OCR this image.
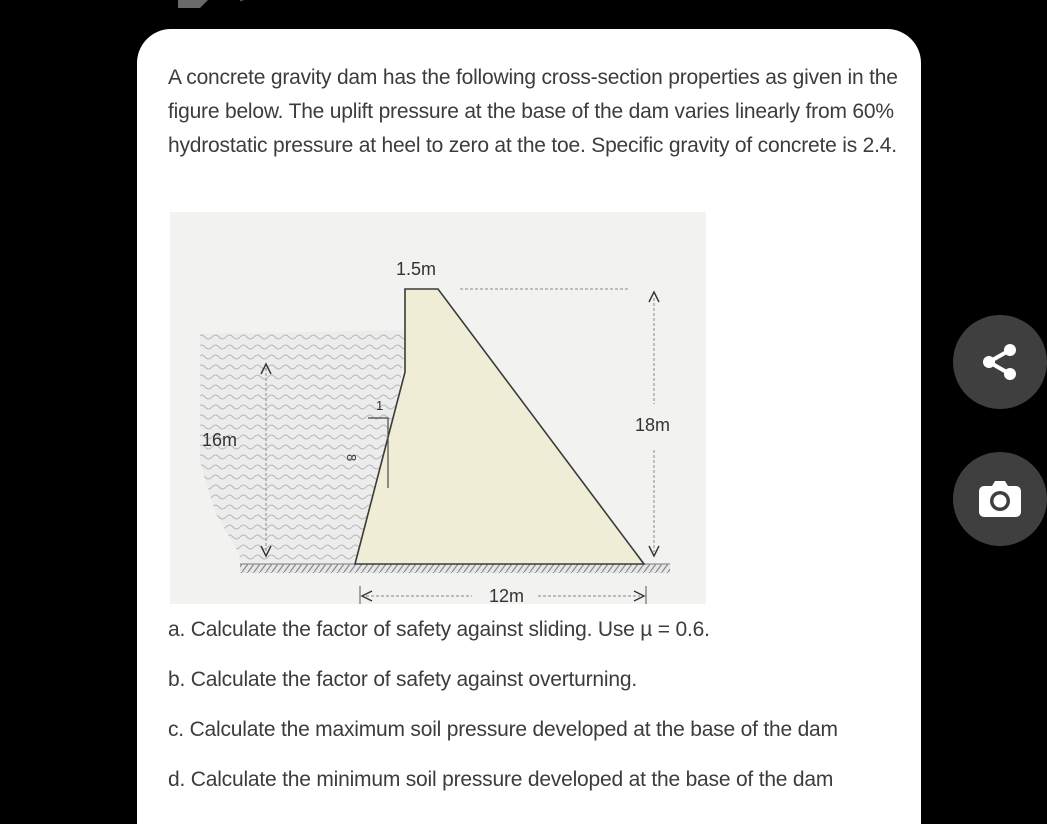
A concrete gravity dam has the following cross-section properties as given in the figure below. The uplift pressure at the base of the dam varies linearly from 60% hydrostatic pressure at heel to zero at the toe. Specific gravity of concrete is 2.4.

1
8
1.5m
18m
16m
12m
a. Calculate the factor of safety against sliding. Use µ = 0.6.
b. Calculate the factor of safety against overturning.
c. Calculate the maximum soil pressure developed at the base of the dam
d. Calculate the minimum soil pressure developed at the base of the dam
